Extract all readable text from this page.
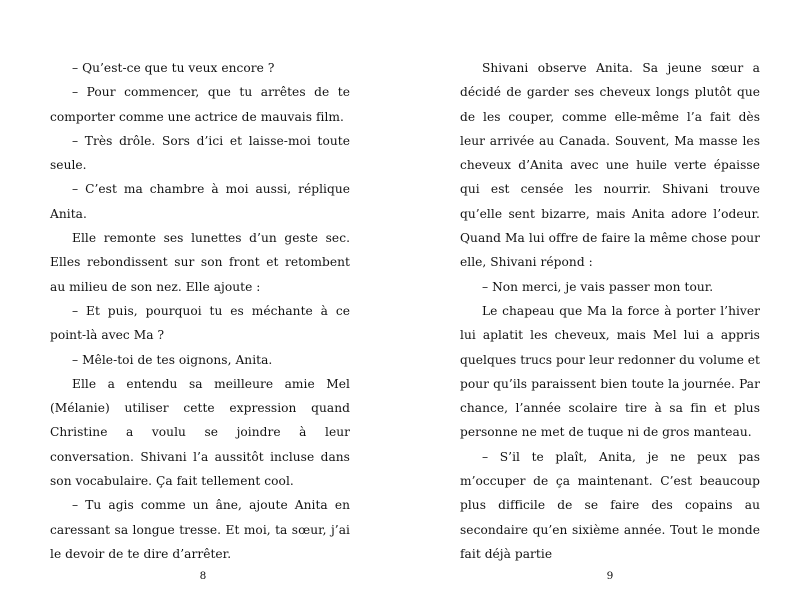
– Qu’est-ce que tu veux encore ?

– Pour commencer, que tu arrêtes de te comporter comme une actrice de mauvais film.

– Très drôle. Sors d’ici et laisse-moi toute seule.

– C’est ma chambre à moi aussi, réplique Anita.

Elle remonte ses lunettes d’un geste sec. Elles rebondissent sur son front et retombent au milieu de son nez. Elle ajoute :

– Et puis, pourquoi tu es méchante à ce point-là avec Ma ?

– Mêle-toi de tes oignons, Anita.

Elle a entendu sa meilleure amie Mel (Mélanie) utiliser cette expression quand Christine a voulu se joindre à leur conversation. Shivani l’a aussitôt incluse dans son vocabulaire. Ça fait tellement cool.

– Tu agis comme un âne, ajoute Anita en caressant sa longue tresse. Et moi, ta sœur, j’ai le devoir de te dire d’arrêter.

8

Shivani observe Anita. Sa jeune sœur a décidé de garder ses cheveux longs plutôt que de les couper, comme elle-même l’a fait dès leur arrivée au Canada. Souvent, Ma masse les cheveux d’Anita avec une huile verte épaisse qui est censée les nourrir. Shivani trouve qu’elle sent bizarre, mais Anita adore l’odeur. Quand Ma lui offre de faire la même chose pour elle, Shivani répond :

– Non merci, je vais passer mon tour.

Le chapeau que Ma la force à porter l’hiver lui aplatit les cheveux, mais Mel lui a appris quelques trucs pour leur redonner du volume et pour qu’ils paraissent bien toute la journée. Par chance, l’année scolaire tire à sa fin et plus personne ne met de tuque ni de gros manteau.

– S’il te plaît, Anita, je ne peux pas m’occuper de ça maintenant. C’est beaucoup plus difficile de se faire des copains au secondaire qu’en sixième année. Tout le monde fait déjà partie

9
